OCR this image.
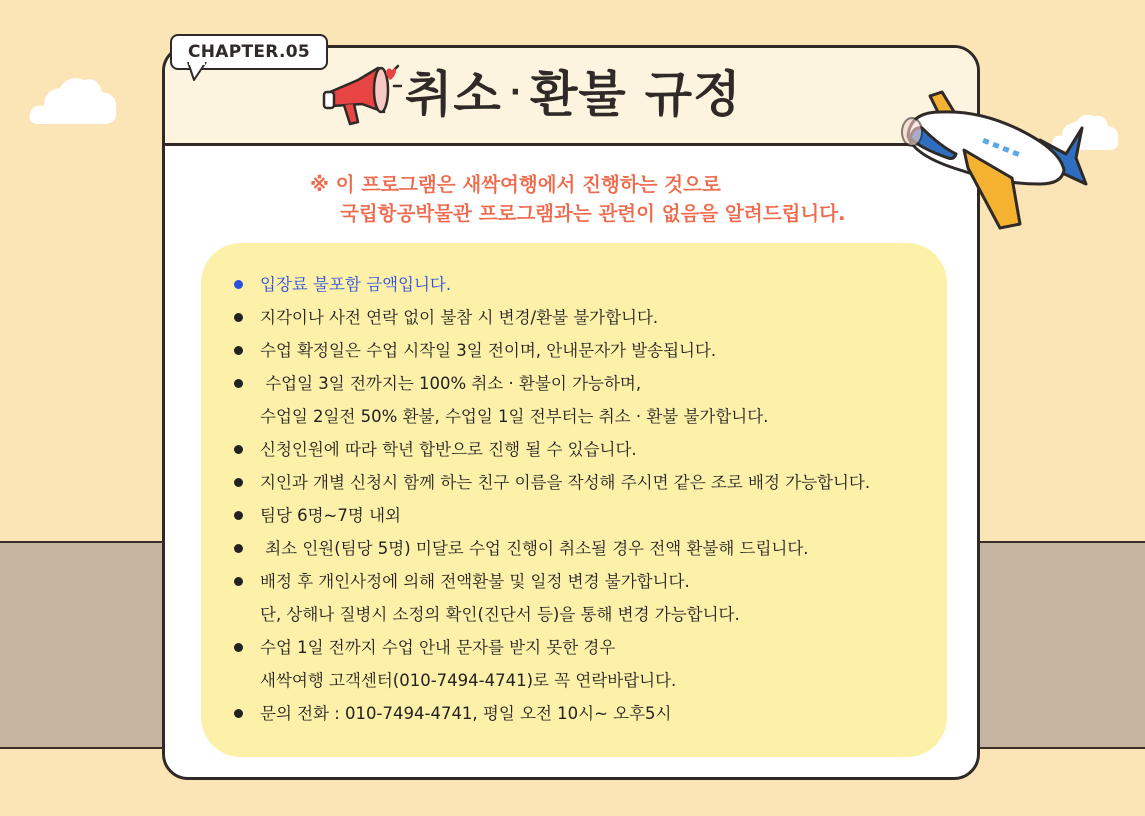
CHAPTER.05
취소 · 환불 규정
※ 이 프로그램은 새싹여행에서 진행하는 것으로
국립항공박물관 프로그램과는 관련이 없음을 알려드립니다.
입장료 불포함 금액입니다.
지각이나 사전 연락 없이 불참 시 변경/환불 불가합니다.
수업 확정일은 수업 시작일 3일 전이며, 안내문자가 발송됩니다.
수업일 3일 전까지는 100% 취소 · 환불이 가능하며,
수업일 2일전 50% 환불, 수업일 1일 전부터는 취소 · 환불 불가합니다.
신청인원에 따라 학년 합반으로 진행 될 수 있습니다.
지인과 개별 신청시 함께 하는 친구 이름을 작성해 주시면 같은 조로 배정 가능합니다.
팀당 6명~7명 내외
최소 인원(팀당 5명) 미달로 수업 진행이 취소될 경우 전액 환불해 드립니다.
배정 후 개인사정에 의해 전액환불 및 일정 변경 불가합니다.
단, 상해나 질병시 소정의 확인(진단서 등)을 통해 변경 가능합니다.
수업 1일 전까지 수업 안내 문자를 받지 못한 경우
새싹여행 고객센터(010-7494-4741)로 꼭 연락바랍니다.
문의 전화 : 010-7494-4741, 평일 오전 10시~ 오후5시
